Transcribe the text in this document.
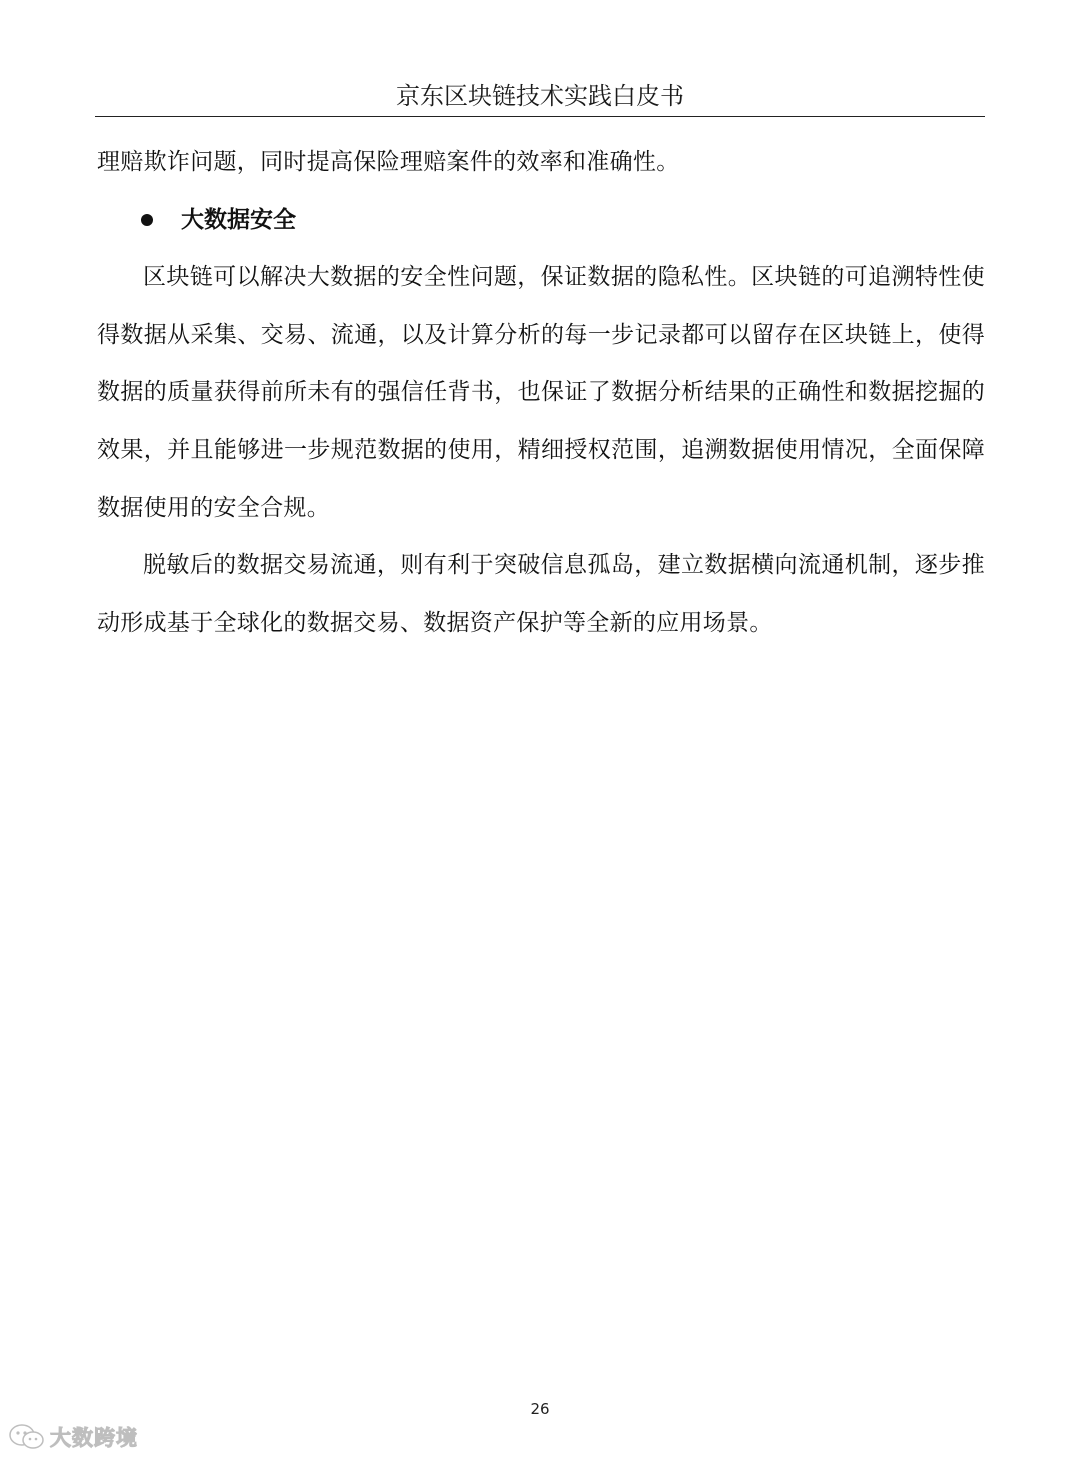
京东区块链技术实践白皮书

理赔欺诈问题，同时提高保险理赔案件的效率和准确性。

大数据安全

区块链可以解决大数据的安全性问题，保证数据的隐私性。区块链的可追溯特性使得数据从采集、交易、流通，以及计算分析的每一步记录都可以留存在区块链上，使得数据的质量获得前所未有的强信任背书，也保证了数据分析结果的正确性和数据挖掘的效果，并且能够进一步规范数据的使用，精细授权范围，追溯数据使用情况，全面保障数据使用的安全合规。

脱敏后的数据交易流通，则有利于突破信息孤岛，建立数据横向流通机制，逐步推动形成基于全球化的数据交易、数据资产保护等全新的应用场景。

26
大数跨境
